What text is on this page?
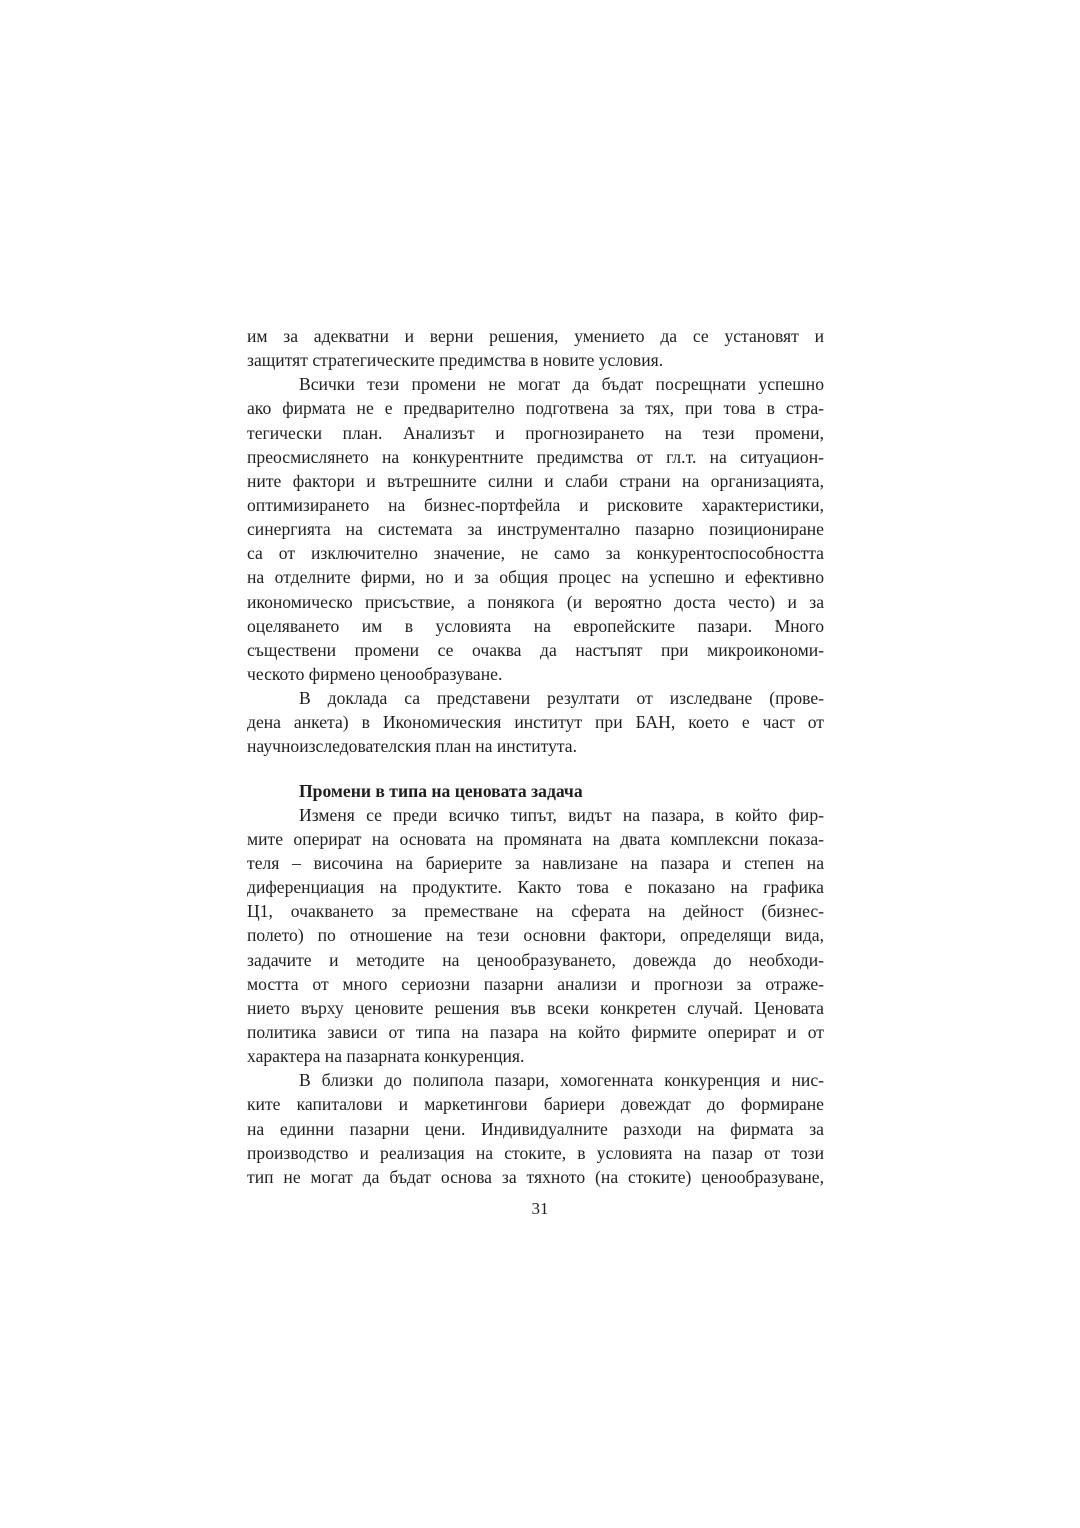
им за адекватни и верни решения, умението да се установят и
защитят стратегическите предимства в новите условия.
Всички тези промени не могат да бъдат посрещнати успешно
ако фирмата не е предварително подготвена за тях, при това в стра-
тегически план. Анализът и прогнозирането на тези промени,
преосмислянето на конкурентните предимства от гл.т. на ситуацион-
ните фактори и вътрешните силни и слаби страни на организацията,
оптимизирането на бизнес-портфейла и рисковите характеристики,
синергията на системата за инструментално пазарно позициониране
са от изключително значение, не само за конкурентоспособността
на отделните фирми, но и за общия процес на успешно и ефективно
икономическо присъствие, а понякога (и вероятно доста често) и за
оцеляването им в условията на европейските пазари. Много
съществени промени се очаква да настъпят при микроикономи-
ческото фирмено ценообразуване.
В доклада са представени резултати от изследване (прове-
дена анкета) в Икономическия институт при БАН, което е част от
научноизследователския план на института.
Промени в типа на ценовата задача
Изменя се преди всичко типът, видът на пазара, в който фир-
мите оперират на основата на промяната на двата комплексни показа-
теля – височина на бариерите за навлизане на пазара и степен на
диференциация на продуктите. Както това е показано на графика
Ц1, очакването за преместване на сферата на дейност (бизнес-
полето) по отношение на тези основни фактори, определящи вида,
задачите и методите на ценообразуването, довежда до необходи-
мостта от много сериозни пазарни анализи и прогнози за отраже-
нието върху ценовите решения във всеки конкретен случай. Ценовата
политика зависи от типа на пазара на който фирмите оперират и от
характера на пазарната конкуренция.
В близки до полипола пазари, хомогенната конкуренция и нис-
ките капиталови и маркетингови бариери довеждат до формиране
на единни пазарни цени. Индивидуалните разходи на фирмата за
производство и реализация на стоките, в условията на пазар от този
тип не могат да бъдат основа за тяхното (на стоките) ценообразуване,
31
